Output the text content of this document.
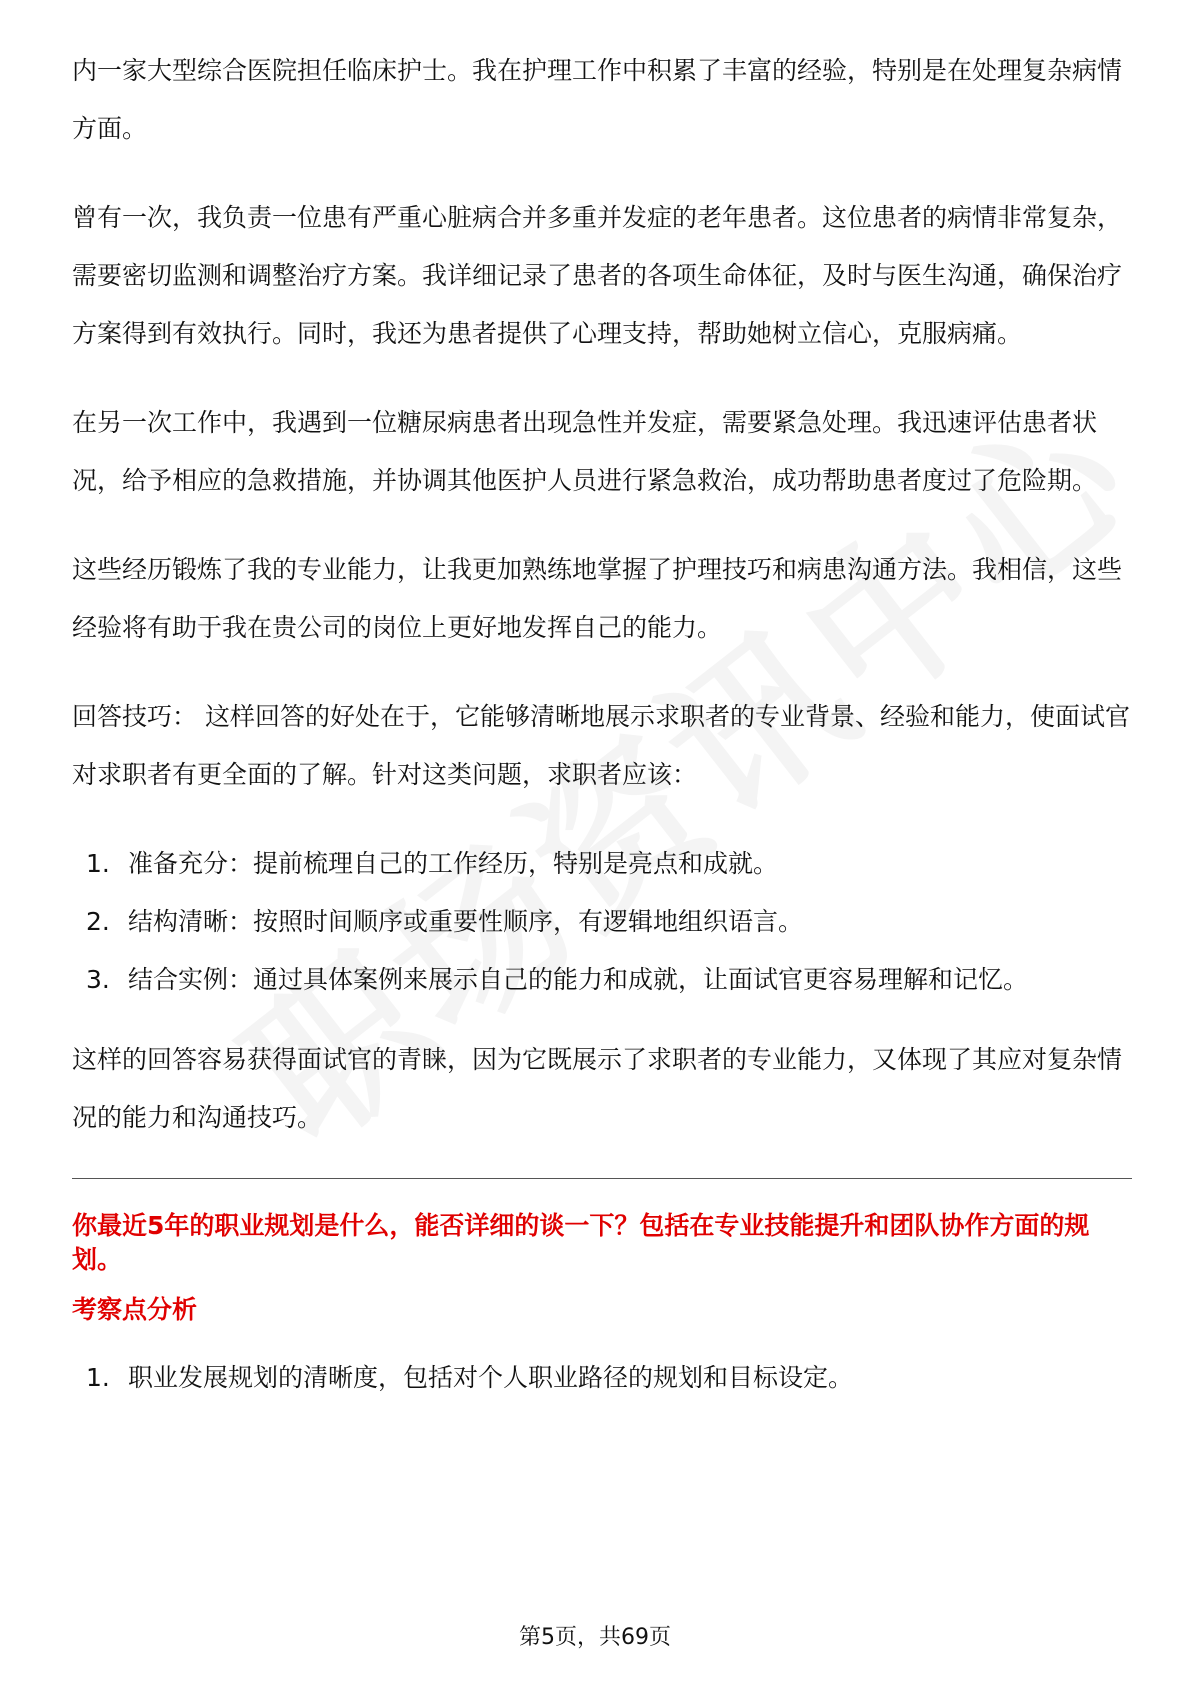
内一家大型综合医院担任临床护士。我在护理工作中积累了丰富的经验，特别是在处理复杂病情方面。

曾有一次，我负责一位患有严重心脏病合并多重并发症的老年患者。这位患者的病情非常复杂，需要密切监测和调整治疗方案。我详细记录了患者的各项生命体征，及时与医生沟通，确保治疗方案得到有效执行。同时，我还为患者提供了心理支持，帮助她树立信心，克服病痛。

在另一次工作中，我遇到一位糖尿病患者出现急性并发症，需要紧急处理。我迅速评估患者状况，给予相应的急救措施，并协调其他医护人员进行紧急救治，成功帮助患者度过了危险期。

这些经历锻炼了我的专业能力，让我更加熟练地掌握了护理技巧和病患沟通方法。我相信，这些经验将有助于我在贵公司的岗位上更好地发挥自己的能力。

回答技巧： 这样回答的好处在于，它能够清晰地展示求职者的专业背景、经验和能力，使面试官对求职者有更全面的了解。针对这类问题，求职者应该：

1. 准备充分：提前梳理自己的工作经历，特别是亮点和成就。
2. 结构清晰：按照时间顺序或重要性顺序，有逻辑地组织语言。
3. 结合实例：通过具体案例来展示自己的能力和成就，让面试官更容易理解和记忆。

这样的回答容易获得面试官的青睐，因为它既展示了求职者的专业能力，又体现了其应对复杂情况的能力和沟通技巧。

你最近5年的职业规划是什么，能否详细的谈一下？包括在专业技能提升和团队协作方面的规划。
考察点分析
1. 职业发展规划的清晰度，包括对个人职业路径的规划和目标设定。
第5页，共69页
